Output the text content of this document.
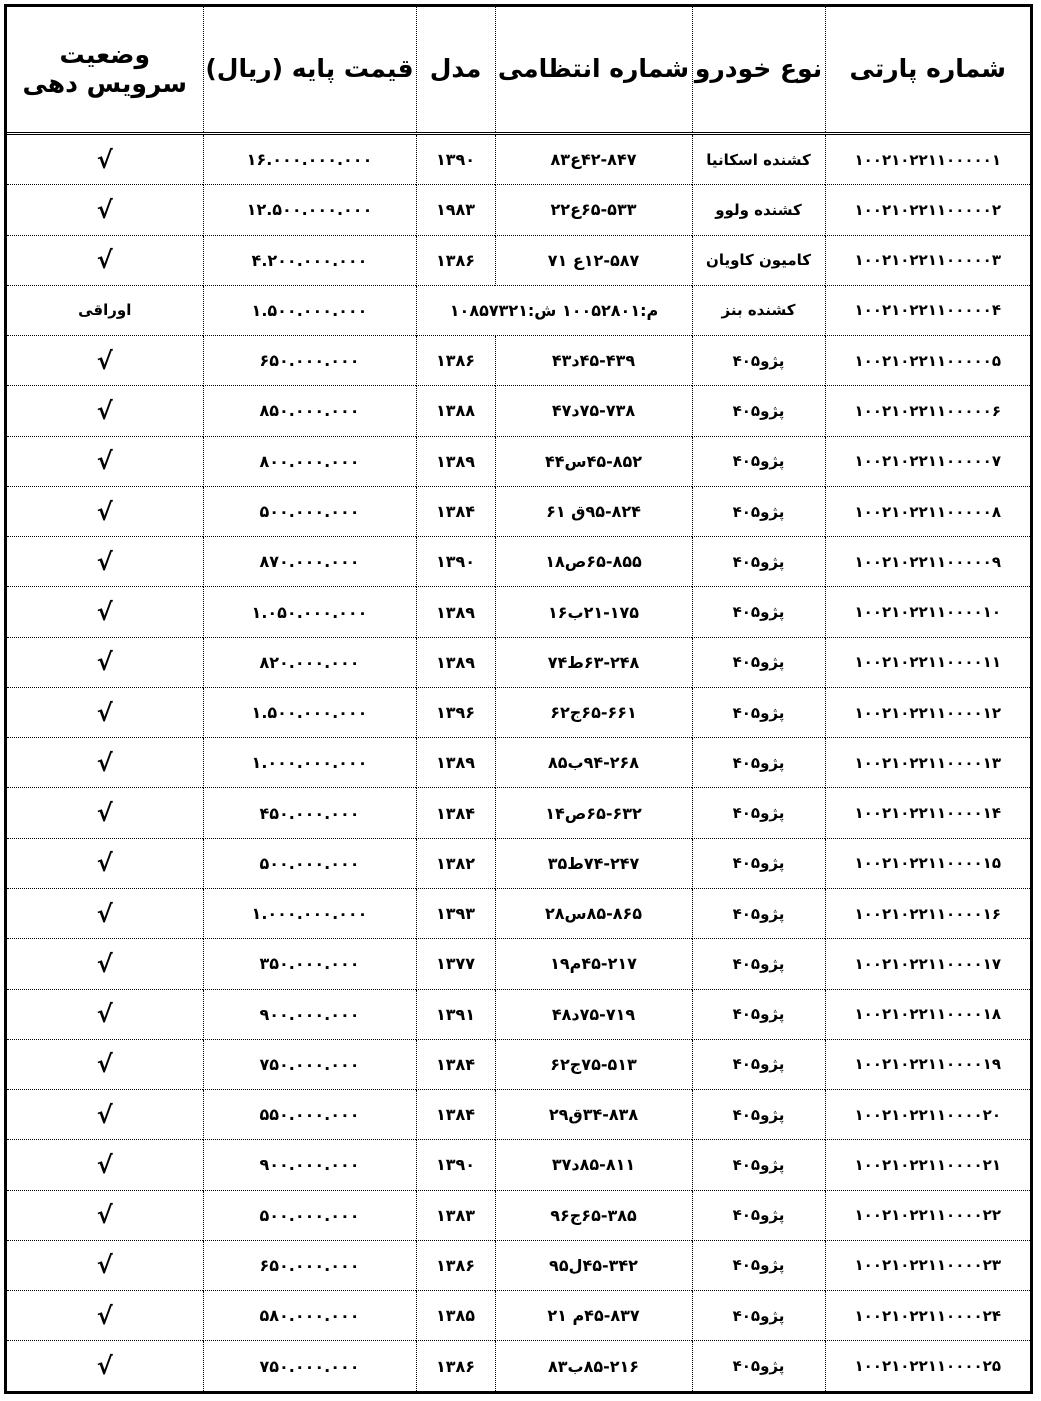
شماره پارتی	نوع خودرو	شماره انتظامی	مدل	قیمت پایه (ریال)	وضعیت
سرویس دهی

۱۰۰۲۱۰۲۲۱۱۰۰۰۰۰۱	کشنده اسکانیا	۴۲-۸۴۷ع۸۳	۱۳۹۰	۱۶.۰۰۰.۰۰۰.۰۰۰	√
۱۰۰۲۱۰۲۲۱۱۰۰۰۰۰۲	کشنده ولوو	۶۵-۵۳۳ع۲۲	۱۹۸۳	۱۲.۵۰۰.۰۰۰.۰۰۰	√
۱۰۰۲۱۰۲۲۱۱۰۰۰۰۰۳	کامیون کاویان	۱۲-۵۸۷ع ۷۱	۱۳۸۶	۴.۲۰۰.۰۰۰.۰۰۰	√
۱۰۰۲۱۰۲۲۱۱۰۰۰۰۰۴	کشنده بنز	م:۱۰۰۵۲۸۰۱ ش:۱۰۸۵۷۳۲۱		۱.۵۰۰.۰۰۰.۰۰۰	اوراقی
۱۰۰۲۱۰۲۲۱۱۰۰۰۰۰۵	پژو۴۰۵	۴۵-۴۳۹د۴۳	۱۳۸۶	۶۵۰.۰۰۰.۰۰۰	√
۱۰۰۲۱۰۲۲۱۱۰۰۰۰۰۶	پژو۴۰۵	۷۵-۷۳۸د۴۷	۱۳۸۸	۸۵۰.۰۰۰.۰۰۰	√
۱۰۰۲۱۰۲۲۱۱۰۰۰۰۰۷	پژو۴۰۵	۴۵-۸۵۲س۴۴	۱۳۸۹	۸۰۰.۰۰۰.۰۰۰	√
۱۰۰۲۱۰۲۲۱۱۰۰۰۰۰۸	پژو۴۰۵	۹۵-۸۲۴ق ۶۱	۱۳۸۴	۵۰۰.۰۰۰.۰۰۰	√
۱۰۰۲۱۰۲۲۱۱۰۰۰۰۰۹	پژو۴۰۵	۶۵-۸۵۵ص۱۸	۱۳۹۰	۸۷۰.۰۰۰.۰۰۰	√
۱۰۰۲۱۰۲۲۱۱۰۰۰۰۱۰	پژو۴۰۵	۲۱-۱۷۵ب۱۶	۱۳۸۹	۱.۰۵۰.۰۰۰.۰۰۰	√
۱۰۰۲۱۰۲۲۱۱۰۰۰۰۱۱	پژو۴۰۵	۶۳-۲۴۸ط۷۴	۱۳۸۹	۸۲۰.۰۰۰.۰۰۰	√
۱۰۰۲۱۰۲۲۱۱۰۰۰۰۱۲	پژو۴۰۵	۶۵-۶۶۱ج۶۲	۱۳۹۶	۱.۵۰۰.۰۰۰.۰۰۰	√
۱۰۰۲۱۰۲۲۱۱۰۰۰۰۱۳	پژو۴۰۵	۹۴-۲۶۸ب۸۵	۱۳۸۹	۱.۰۰۰.۰۰۰.۰۰۰	√
۱۰۰۲۱۰۲۲۱۱۰۰۰۰۱۴	پژو۴۰۵	۶۵-۶۳۲ص۱۴	۱۳۸۴	۴۵۰.۰۰۰.۰۰۰	√
۱۰۰۲۱۰۲۲۱۱۰۰۰۰۱۵	پژو۴۰۵	۷۴-۲۴۷ط۳۵	۱۳۸۲	۵۰۰.۰۰۰.۰۰۰	√
۱۰۰۲۱۰۲۲۱۱۰۰۰۰۱۶	پژو۴۰۵	۸۵-۸۶۵س۲۸	۱۳۹۳	۱.۰۰۰.۰۰۰.۰۰۰	√
۱۰۰۲۱۰۲۲۱۱۰۰۰۰۱۷	پژو۴۰۵	۴۵-۲۱۷م۱۹	۱۳۷۷	۳۵۰.۰۰۰.۰۰۰	√
۱۰۰۲۱۰۲۲۱۱۰۰۰۰۱۸	پژو۴۰۵	۷۵-۷۱۹د۴۸	۱۳۹۱	۹۰۰.۰۰۰.۰۰۰	√
۱۰۰۲۱۰۲۲۱۱۰۰۰۰۱۹	پژو۴۰۵	۷۵-۵۱۳ج۶۲	۱۳۸۴	۷۵۰.۰۰۰.۰۰۰	√
۱۰۰۲۱۰۲۲۱۱۰۰۰۰۲۰	پژو۴۰۵	۳۴-۸۳۸ق۲۹	۱۳۸۴	۵۵۰.۰۰۰.۰۰۰	√
۱۰۰۲۱۰۲۲۱۱۰۰۰۰۲۱	پژو۴۰۵	۸۵-۸۱۱د۳۷	۱۳۹۰	۹۰۰.۰۰۰.۰۰۰	√
۱۰۰۲۱۰۲۲۱۱۰۰۰۰۲۲	پژو۴۰۵	۶۵-۳۸۵ج۹۶	۱۳۸۳	۵۰۰.۰۰۰.۰۰۰	√
۱۰۰۲۱۰۲۲۱۱۰۰۰۰۲۳	پژو۴۰۵	۴۵-۳۴۲ل۹۵	۱۳۸۶	۶۵۰.۰۰۰.۰۰۰	√
۱۰۰۲۱۰۲۲۱۱۰۰۰۰۲۴	پژو۴۰۵	۴۵-۸۳۷م ۲۱	۱۳۸۵	۵۸۰.۰۰۰.۰۰۰	√
۱۰۰۲۱۰۲۲۱۱۰۰۰۰۲۵	پژو۴۰۵	۸۵-۲۱۶ب۸۳	۱۳۸۶	۷۵۰.۰۰۰.۰۰۰	√
